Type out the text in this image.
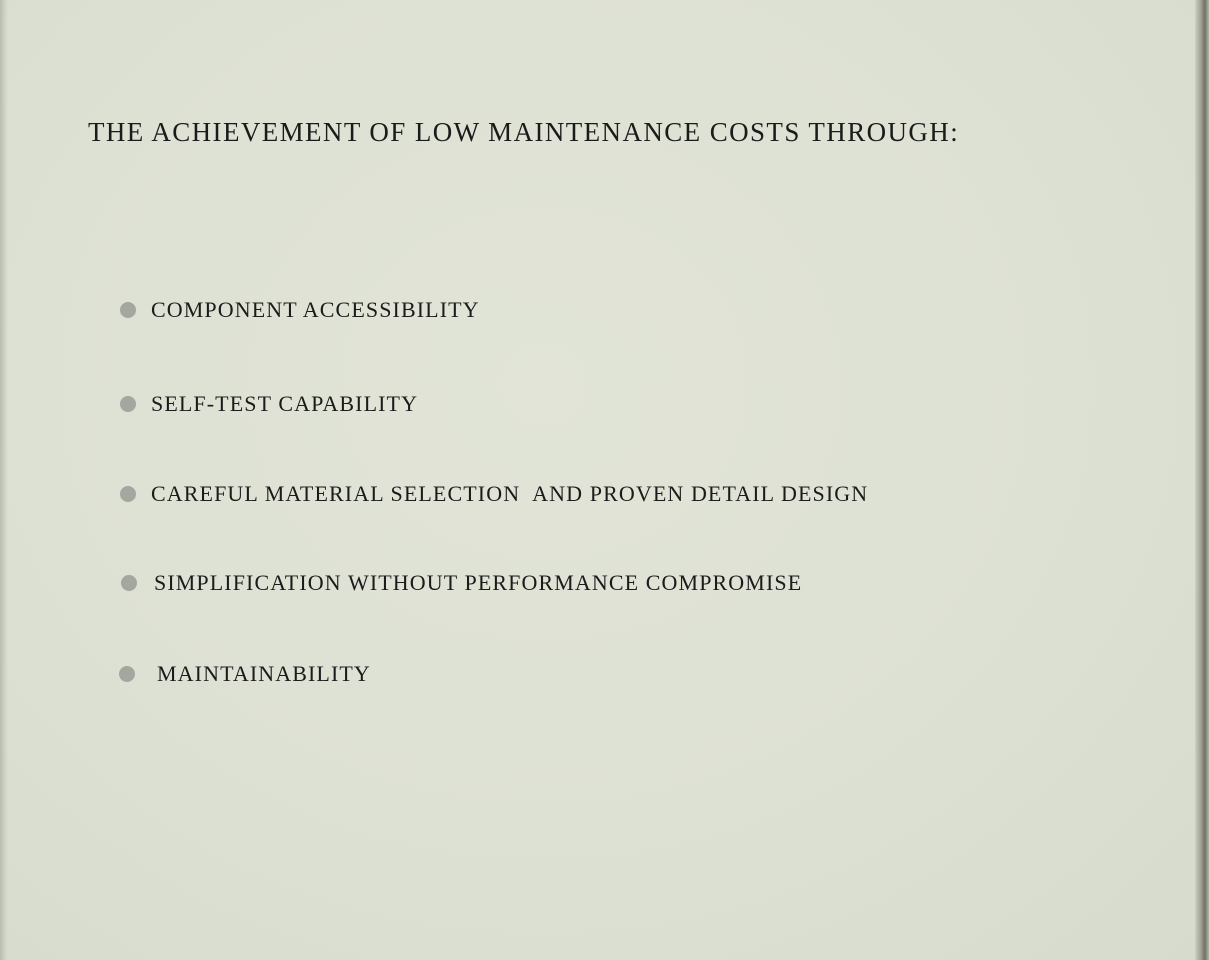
THE ACHIEVEMENT OF LOW MAINTENANCE COSTS THROUGH:
COMPONENT ACCESSIBILITY
SELF-TEST CAPABILITY
CAREFUL MATERIAL SELECTION  AND PROVEN DETAIL DESIGN
SIMPLIFICATION WITHOUT PERFORMANCE COMPROMISE
MAINTAINABILITY
